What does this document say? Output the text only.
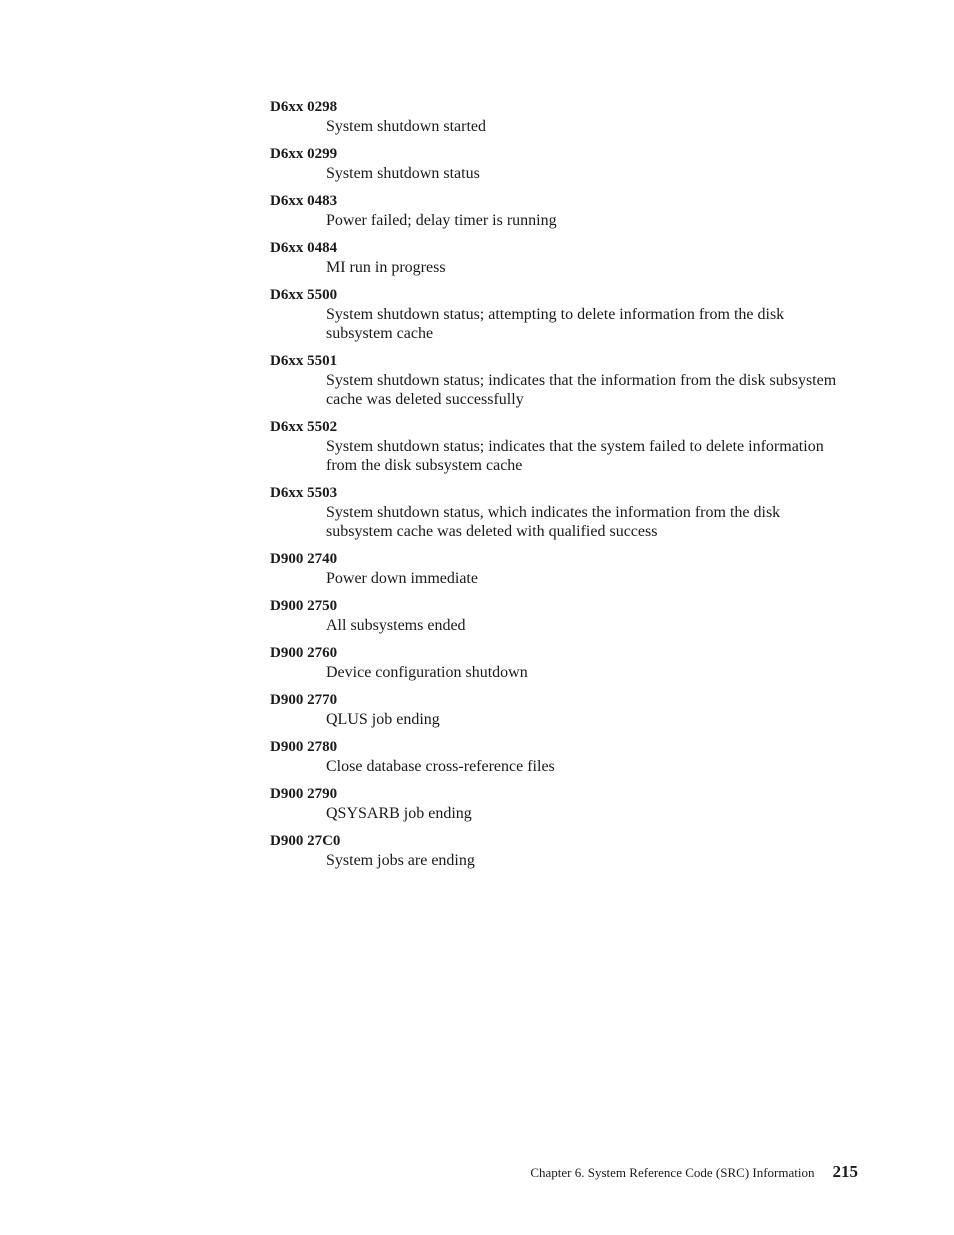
D6xx 0298
System shutdown started
D6xx 0299
System shutdown status
D6xx 0483
Power failed; delay timer is running
D6xx 0484
MI run in progress
D6xx 5500
System shutdown status; attempting to delete information from the disk subsystem cache
D6xx 5501
System shutdown status; indicates that the information from the disk subsystem cache was deleted successfully
D6xx 5502
System shutdown status; indicates that the system failed to delete information from the disk subsystem cache
D6xx 5503
System shutdown status, which indicates the information from the disk subsystem cache was deleted with qualified success
D900 2740
Power down immediate
D900 2750
All subsystems ended
D900 2760
Device configuration shutdown
D900 2770
QLUS job ending
D900 2780
Close database cross-reference files
D900 2790
QSYSARB job ending
D900 27C0
System jobs are ending
Chapter 6. System Reference Code (SRC) Information 215
